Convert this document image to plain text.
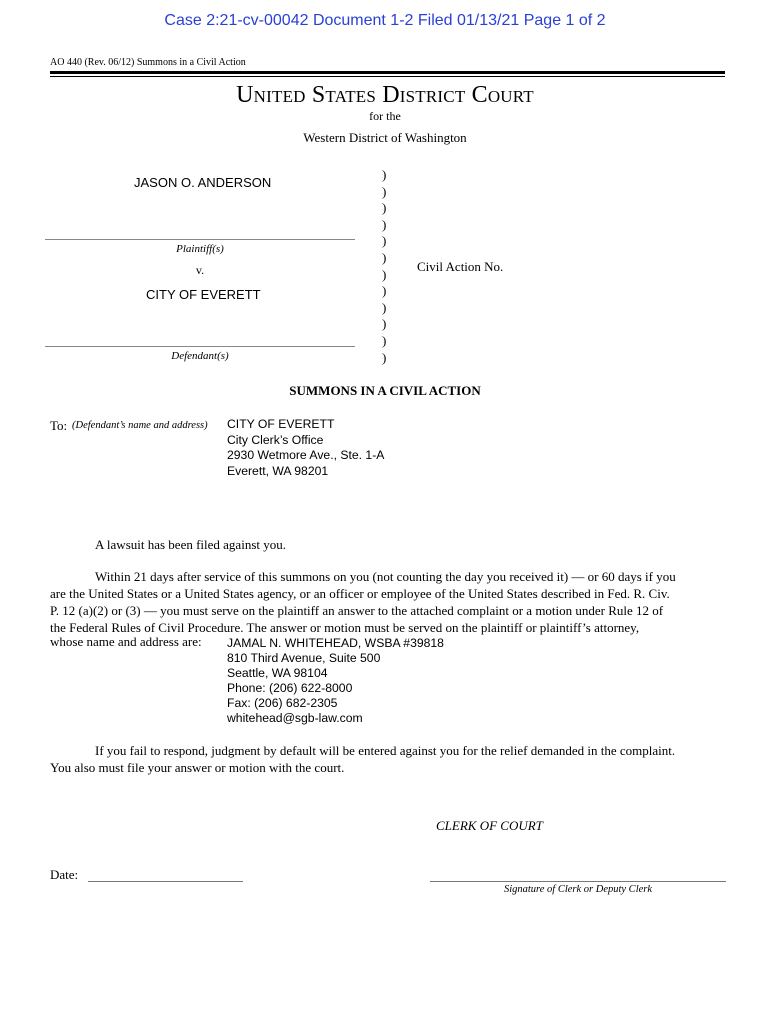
Case 2:21-cv-00042 Document 1-2 Filed 01/13/21 Page 1 of 2
AO 440 (Rev. 06/12) Summons in a Civil Action
UNITED STATES DISTRICT COURT
for the
Western District of Washington
JASON O. ANDERSON
Plaintiff(s)
v.
CITY OF EVERETT
Defendant(s)
)
)
)
)
)
)
)
)
)
)
)
)
Civil Action No.
SUMMONS IN A CIVIL ACTION
To: (Defendant’s name and address) CITY OF EVERETT
City Clerk’s Office
2930 Wetmore Ave., Ste. 1-A
Everett, WA 98201
A lawsuit has been filed against you.
Within 21 days after service of this summons on you (not counting the day you received it) — or 60 days if you
are the United States or a United States agency, or an officer or employee of the United States described in Fed. R. Civ.
P. 12 (a)(2) or (3) — you must serve on the plaintiff an answer to the attached complaint or a motion under Rule 12 of
the Federal Rules of Civil Procedure. The answer or motion must be served on the plaintiff or plaintiff’s attorney,
whose name and address are: JAMAL N. WHITEHEAD, WSBA #39818
810 Third Avenue, Suite 500
Seattle, WA 98104
Phone: (206) 622-8000
Fax: (206) 682-2305
whitehead@sgb-law.com
If you fail to respond, judgment by default will be entered against you for the relief demanded in the complaint.
You also must file your answer or motion with the court.
CLERK OF COURT
Date:
Signature of Clerk or Deputy Clerk
